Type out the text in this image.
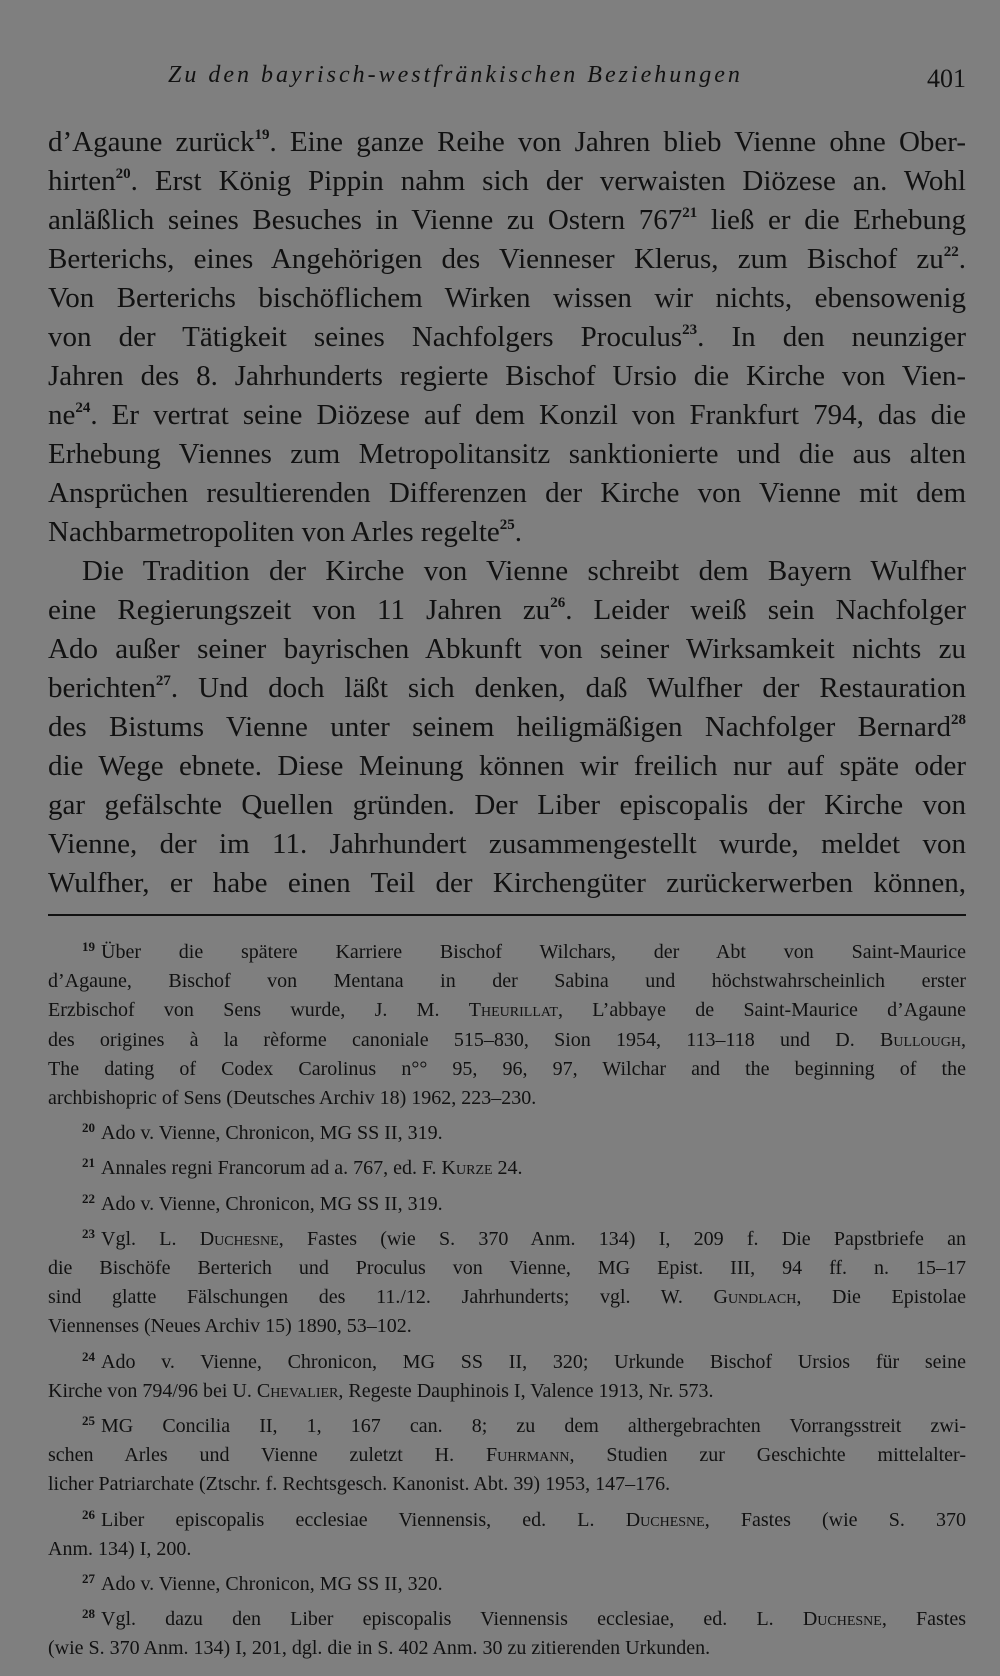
Zu den bayrisch-westfränkischen Beziehungen	401
d’Agaune zurück$^{19}$. Eine ganze Reihe von Jahren blieb Vienne ohne Ober-
hirten$^{20}$. Erst König Pippin nahm sich der verwaisten Diözese an. Wohl
anläßlich seines Besuches in Vienne zu Ostern $767^{21}$ ließ er die Erhebung
Berterichs, eines Angehörigen des Vienneser Klerus, zum Bischof $zu^{22}$.
Von Berterichs bischöflichem Wirken wissen wir nichts, ebensowenig
von der Tätigkeit seines Nachfolgers Proculus$^{23}$. In den neunziger
Jahren des 8. Jahrhunderts regierte Bischof Ursio die Kirche von Vien-
$ne^{24}$. Er vertrat seine Diözese auf dem Konzil von Frankfurt 794, das die
Erhebung Viennes zum Metropolitansitz sanktionierte und die aus alten
Ansprüchen resultierenden Differenzen der Kirche von Vienne mit dem
Nachbarmetropoliten von Arles regelte$^{25}$.
Die Tradition der Kirche von Vienne schreibt dem Bayern Wulfher
eine Regierungszeit von 11 Jahren $zu^{26}$. Leider weiß sein Nachfolger
Ado außer seiner bayrischen Abkunft von seiner Wirksamkeit nichts zu
berichten$^{27}$. Und doch läßt sich denken, daß Wulfher der Restauration
des Bistums Vienne unter seinem heiligmäßigen Nachfolger Bernard$^{28}$
die Wege ebnete. Diese Meinung können wir freilich nur auf späte oder
gar gefälschte Quellen gründen. Der Liber episcopalis der Kirche von
Vienne, der im 11. Jahrhundert zusammengestellt wurde, meldet von
Wulfher, er habe einen Teil der Kirchengüter zurückerwerben können,
$^{19}$ Über die spätere Karriere Bischof Wilchars, der Abt von Saint-Maurice
d’Agaune, Bischof von Mentana in der Sabina und höchstwahrscheinlich erster
Erzbischof von Sens wurde, J. M. Theurillat, L’abbaye de Saint-Maurice d’Agaune
des origines à la rèforme canoniale 515–830, Sion 1954, 113–118 und D. Bullough,
The dating of Codex Carolinus n°° 95, 96, 97, Wilchar and the beginning of the
archbishopric of Sens (Deutsches Archiv 18) 1962, 223–230.
$^{20}$ Ado v. Vienne, Chronicon, MG SS II, 319.
$^{21}$ Annales regni Francorum ad a. 767, ed. F. Kurze 24.
$^{22}$ Ado v. Vienne, Chronicon, MG SS II, 319.
$^{23}$ Vgl. L. Duchesne, Fastes (wie S. 370 Anm. 134) I, 209 f. Die Papstbriefe an
die Bischöfe Berterich und Proculus von Vienne, MG Epist. III, 94 ff. n. 15–17
sind glatte Fälschungen des 11./12. Jahrhunderts; vgl. W. Gundlach, Die Epistolae
Viennenses (Neues Archiv 15) 1890, 53–102.
$^{24}$ Ado v. Vienne, Chronicon, MG SS II, 320; Urkunde Bischof Ursios für seine
Kirche von 794/96 bei U. Chevalier, Regeste Dauphinois I, Valence 1913, Nr. 573.
$^{25}$ MG Concilia II, 1, 167 can. 8; zu dem althergebrachten Vorrangsstreit zwi-
schen Arles und Vienne zuletzt H. Fuhrmann, Studien zur Geschichte mittelalter-
licher Patriarchate (Ztschr. f. Rechtsgesch. Kanonist. Abt. 39) 1953, 147–176.
$^{26}$ Liber episcopalis ecclesiae Viennensis, ed. L. Duchesne, Fastes (wie S. 370
Anm. 134) I, 200.
$^{27}$ Ado v. Vienne, Chronicon, MG SS II, 320.
$^{28}$ Vgl. dazu den Liber episcopalis Viennensis ecclesiae, ed. L. Duchesne, Fastes
(wie S. 370 Anm. 134) I, 201, dgl. die in S. 402 Anm. 30 zu zitierenden Urkunden.
